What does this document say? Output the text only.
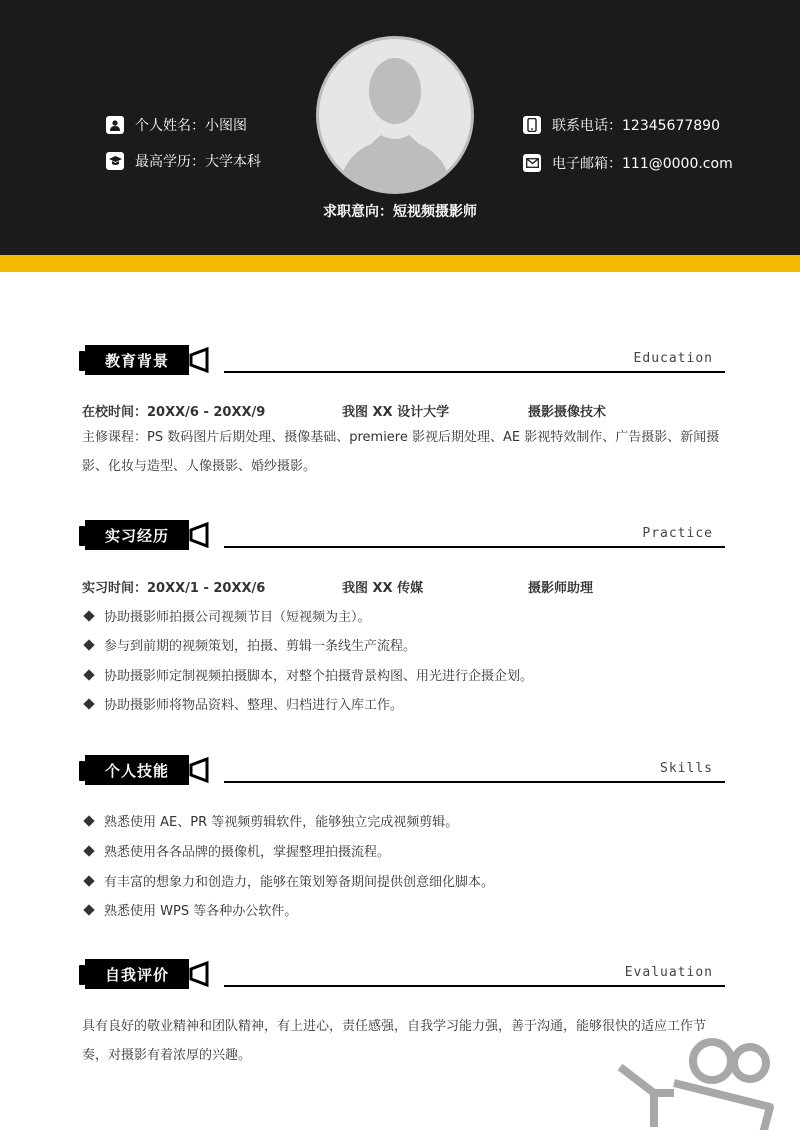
个人姓名：小图图
最高学历：大学本科
联系电话：12345677890
电子邮箱：111@0000.com
求职意向：短视频摄影师
教育背景	Education
在校时间：20XX/6 - 20XX/9	我图 XX 设计大学	摄影摄像技术
主修课程：PS 数码图片后期处理、摄像基础、premiere 影视后期处理、AE 影视特效制作、广告摄影、新闻摄影、化妆与造型、人像摄影、婚纱摄影。
实习经历	Practice
实习时间：20XX/1 - 20XX/6	我图 XX 传媒	摄影师助理
协助摄影师拍摄公司视频节目（短视频为主）。
参与到前期的视频策划，拍摄、剪辑一条线生产流程。
协助摄影师定制视频拍摄脚本，对整个拍摄背景构图、用光进行企摄企划。
协助摄影师将物品资料、整理、归档进行入库工作。
个人技能	Skills
熟悉使用 AE、PR 等视频剪辑软件，能够独立完成视频剪辑。
熟悉使用各各品牌的摄像机，掌握整理拍摄流程。
有丰富的想象力和创造力，能够在策划筹备期间提供创意细化脚本。
熟悉使用 WPS 等各种办公软件。
自我评价	Evaluation
具有良好的敬业精神和团队精神，有上进心，责任感强，自我学习能力强，善于沟通，能够很快的适应工作节奏，对摄影有着浓厚的兴趣。
